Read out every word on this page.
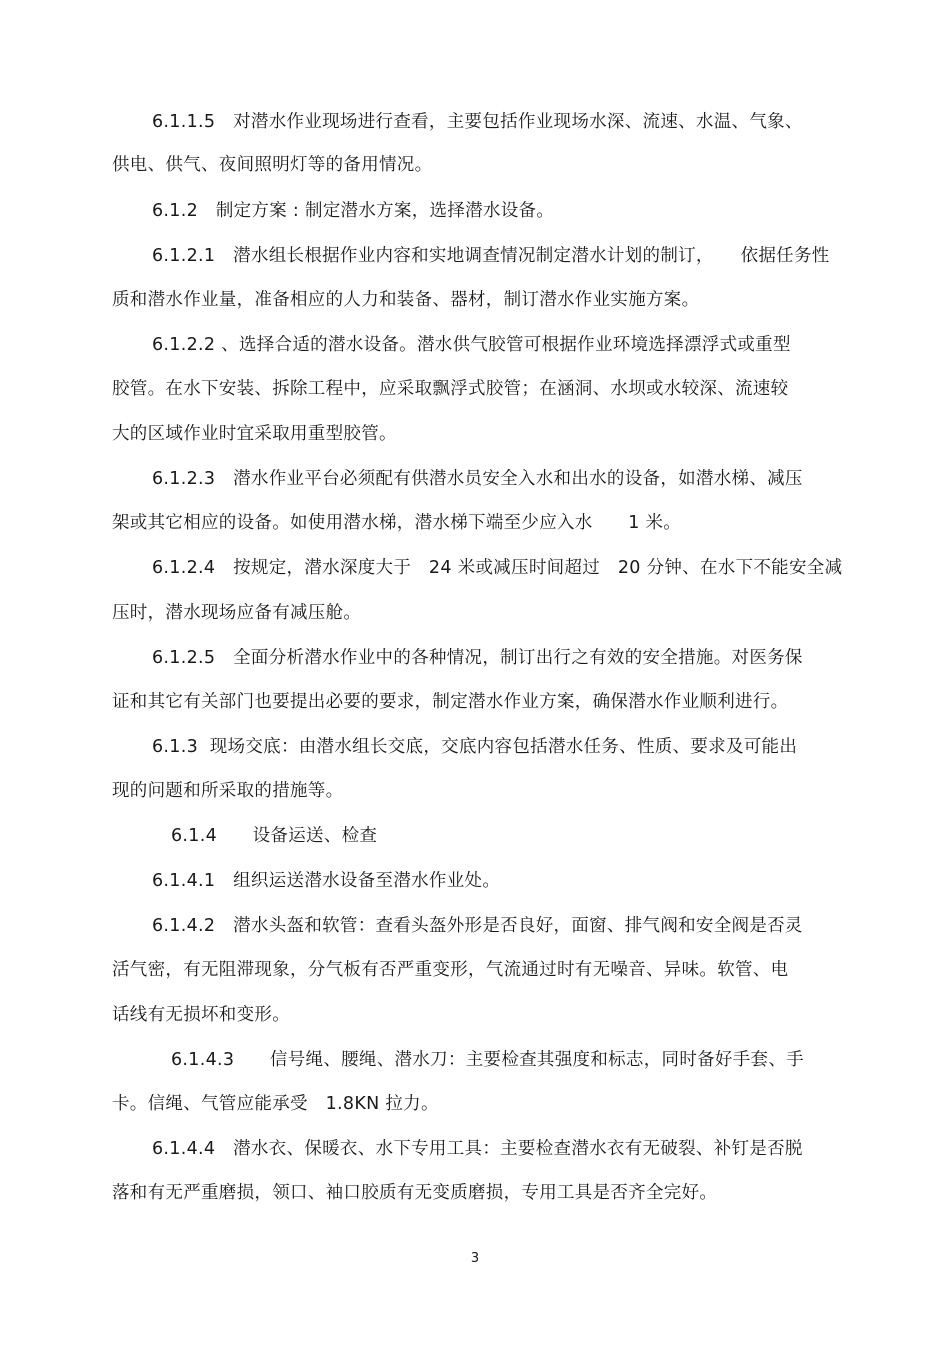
6.1.1.5　对潜水作业现场进行查看，主要包括作业现场水深、流速、水温、气象、

供电、供气、夜间照明灯等的备用情况。

6.1.2　制定方案 : 制定潜水方案，选择潜水设备。

6.1.2.1　潜水组长根据作业内容和实地调查情况制定潜水计划的制订，　　依据任务性

质和潜水作业量，准备相应的人力和装备、器材，制订潜水作业实施方案。

6.1.2.2 、选择合适的潜水设备。潜水供气胶管可根据作业环境选择漂浮式或重型

胶管。在水下安装、拆除工程中，应采取飘浮式胶管；在涵洞、水坝或水较深、流速较

大的区域作业时宜采取用重型胶管。

6.1.2.3　潜水作业平台必须配有供潜水员安全入水和出水的设备，如潜水梯、减压

架或其它相应的设备。如使用潜水梯，潜水梯下端至少应入水　　1 米。

6.1.2.4　按规定，潜水深度大于　24 米或减压时间超过　20 分钟、在水下不能安全减

压时，潜水现场应备有减压舱。

6.1.2.5　全面分析潜水作业中的各种情况，制订出行之有效的安全措施。对医务保

证和其它有关部门也要提出必要的要求，制定潜水作业方案，确保潜水作业顺利进行。

6.1.3  现场交底：由潜水组长交底，交底内容包括潜水任务、性质、要求及可能出

现的问题和所采取的措施等。

6.1.4　　设备运送、检查

6.1.4.1　组织运送潜水设备至潜水作业处。

6.1.4.2　潜水头盔和软管：查看头盔外形是否良好，面窗、排气阀和安全阀是否灵

活气密，有无阻滞现象，分气板有否严重变形，气流通过时有无噪音、异味。软管、电

话线有无损坏和变形。

6.1.4.3　　信号绳、腰绳、潜水刀：主要检查其强度和标志，同时备好手套、手

卡。信绳、气管应能承受　1.8KN 拉力。

6.1.4.4　潜水衣、保暖衣、水下专用工具：主要检查潜水衣有无破裂、补钉是否脱

落和有无严重磨损，领口、袖口胶质有无变质磨损，专用工具是否齐全完好。

3
